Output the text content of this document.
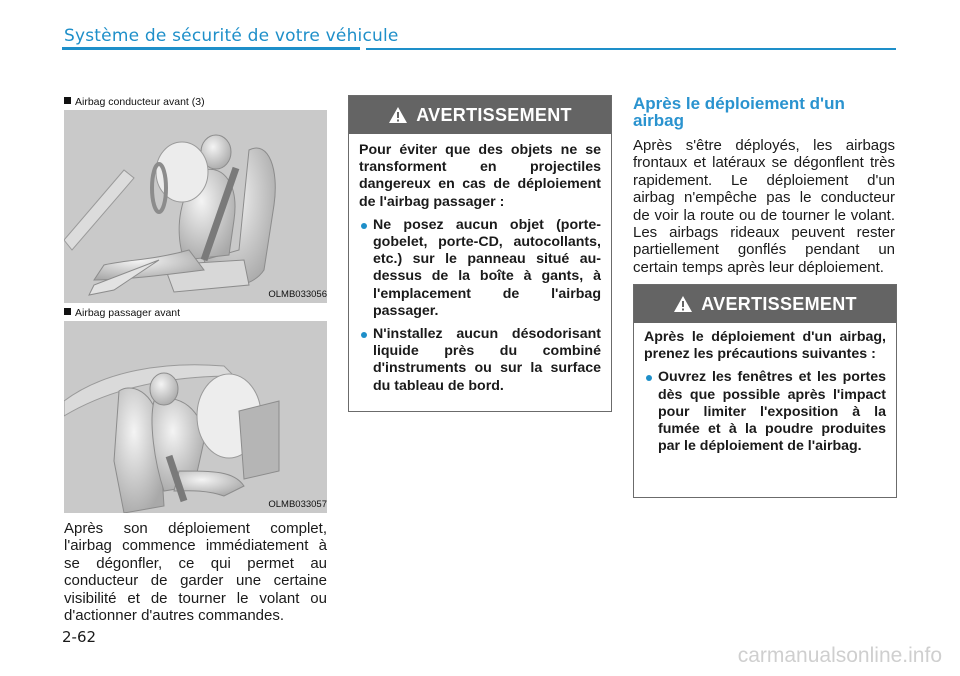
Système de sécurité de votre véhicule
Airbag conducteur avant (3)
OLMB033056
Airbag passager avant
OLMB033057
Après son déploiement complet, l'airbag commence immédiatement à se dégonfler, ce qui permet au conducteur de garder une certaine visibilité et de tourner le volant ou d'actionner d'autres commandes.
AVERTISSEMENT
Pour éviter que des objets ne se transforment en projectiles dangereux en cas de déploiement de l'airbag passager :
Ne posez aucun objet (porte-gobelet, porte-CD, autocollants, etc.) sur le panneau situé au-dessus de la boîte à gants, à l'emplacement de l'airbag passager.
N'installez aucun désodorisant liquide près du combiné d'instruments ou sur la surface du tableau de bord.
Après le déploiement d'un airbag
Après s'être déployés, les airbags frontaux et latéraux se dégonflent très rapidement. Le déploiement d'un airbag n'empêche pas le conducteur de voir la route ou de tourner le volant. Les airbags rideaux peuvent rester partiellement gonflés pendant un certain temps après leur déploiement.
AVERTISSEMENT
Après le déploiement d'un airbag, prenez les précautions suivantes :
Ouvrez les fenêtres et les portes dès que possible après l'impact pour limiter l'exposition à la fumée et à la poudre produites par le déploiement de l'airbag.
2-62
carmanualsonline.info
